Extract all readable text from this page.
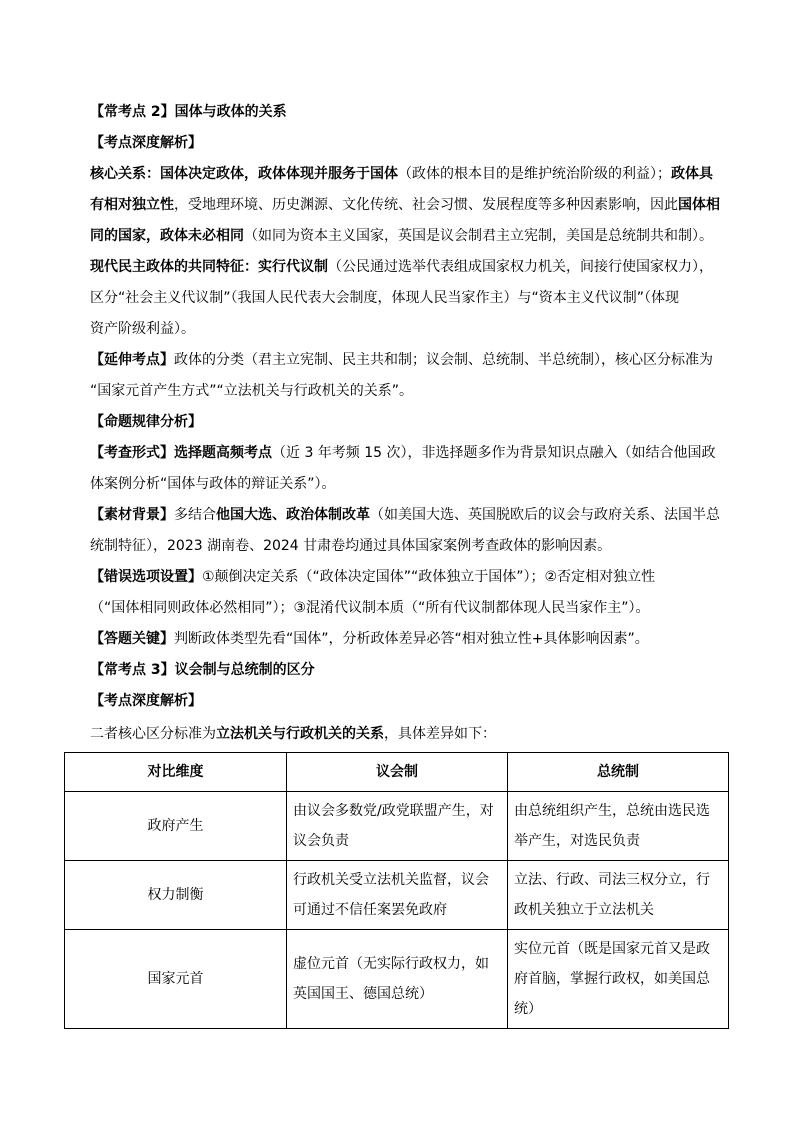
【常考点 2】国体与政体的关系
【考点深度解析】
核心关系：国体决定政体，政体体现并服务于国体（政体的根本目的是维护统治阶级的利益）；政体具
有相对独立性，受地理环境、历史渊源、文化传统、社会习惯、发展程度等多种因素影响，因此国体相
同的国家，政体未必相同（如同为资本主义国家，英国是议会制君主立宪制，美国是总统制共和制）。
现代民主政体的共同特征：实行代议制（公民通过选举代表组成国家权力机关，间接行使国家权力），
区分“社会主义代议制”（我国人民代表大会制度，体现人民当家作主）与“资本主义代议制”（体现
资产阶级利益）。
【延伸考点】政体的分类（君主立宪制、民主共和制；议会制、总统制、半总统制），核心区分标准为
“国家元首产生方式”“立法机关与行政机关的关系”。
【命题规律分析】
【考查形式】选择题高频考点（近 3 年考频 15 次），非选择题多作为背景知识点融入（如结合他国政
体案例分析“国体与政体的辩证关系”）。
【素材背景】多结合他国大选、政治体制改革（如美国大选、英国脱欧后的议会与政府关系、法国半总
统制特征），2023 湖南卷、2024 甘肃卷均通过具体国家案例考查政体的影响因素。
【错误选项设置】①颠倒决定关系（“政体决定国体”“政体独立于国体”）；②否定相对独立性
（“国体相同则政体必然相同”）；③混淆代议制本质（“所有代议制都体现人民当家作主”）。
【答题关键】判断政体类型先看“国体”，分析政体差异必答“相对独立性+具体影响因素”。
【常考点 3】议会制与总统制的区分
【考点深度解析】
二者核心区分标准为立法机关与行政机关的关系，具体差异如下：
对比维度	议会制	总统制
政府产生	由议会多数党/政党联盟产生，对议会负责	由总统组织产生，总统由选民选举产生，对选民负责
权力制衡	行政机关受立法机关监督，议会可通过不信任案罢免政府	立法、行政、司法三权分立，行政机关独立于立法机关
国家元首	虚位元首（无实际行政权力，如英国国王、德国总统）	实位元首（既是国家元首又是政府首脑，掌握行政权，如美国总统）
